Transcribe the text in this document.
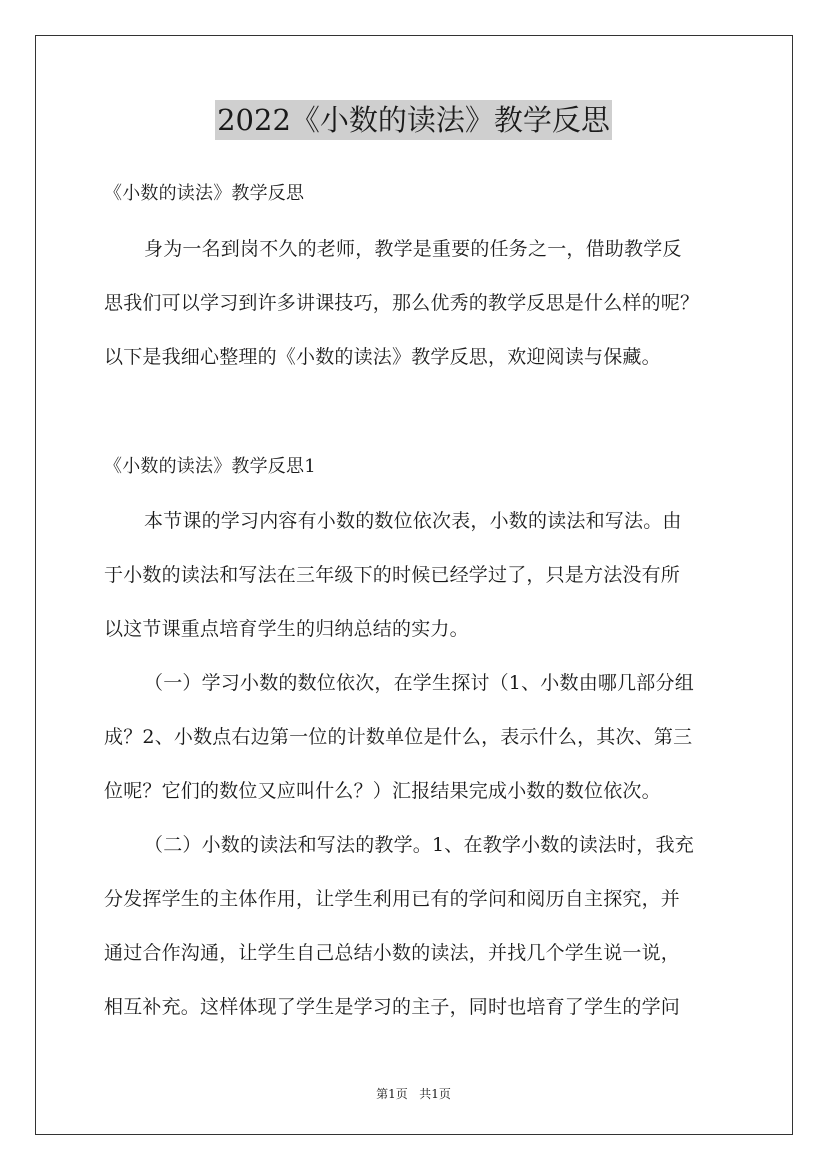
2022《小数的读法》教学反思
《小数的读法》教学反思
身为一名到岗不久的老师，教学是重要的任务之一，借助教学反
思我们可以学习到许多讲课技巧，那么优秀的教学反思是什么样的呢？
以下是我细心整理的《小数的读法》教学反思，欢迎阅读与保藏。
《小数的读法》教学反思1
本节课的学习内容有小数的数位依次表，小数的读法和写法。由
于小数的读法和写法在三年级下的时候已经学过了，只是方法没有所
以这节课重点培育学生的归纳总结的实力。
（一）学习小数的数位依次，在学生探讨（1、小数由哪几部分组
成？2、小数点右边第一位的计数单位是什么，表示什么，其次、第三
位呢？它们的数位又应叫什么？）汇报结果完成小数的数位依次。
（二）小数的读法和写法的教学。1、在教学小数的读法时，我充
分发挥学生的主体作用，让学生利用已有的学问和阅历自主探究，并
通过合作沟通，让学生自己总结小数的读法，并找几个学生说一说，
相互补充。这样体现了学生是学习的主子，同时也培育了学生的学问
第1页 共1页
